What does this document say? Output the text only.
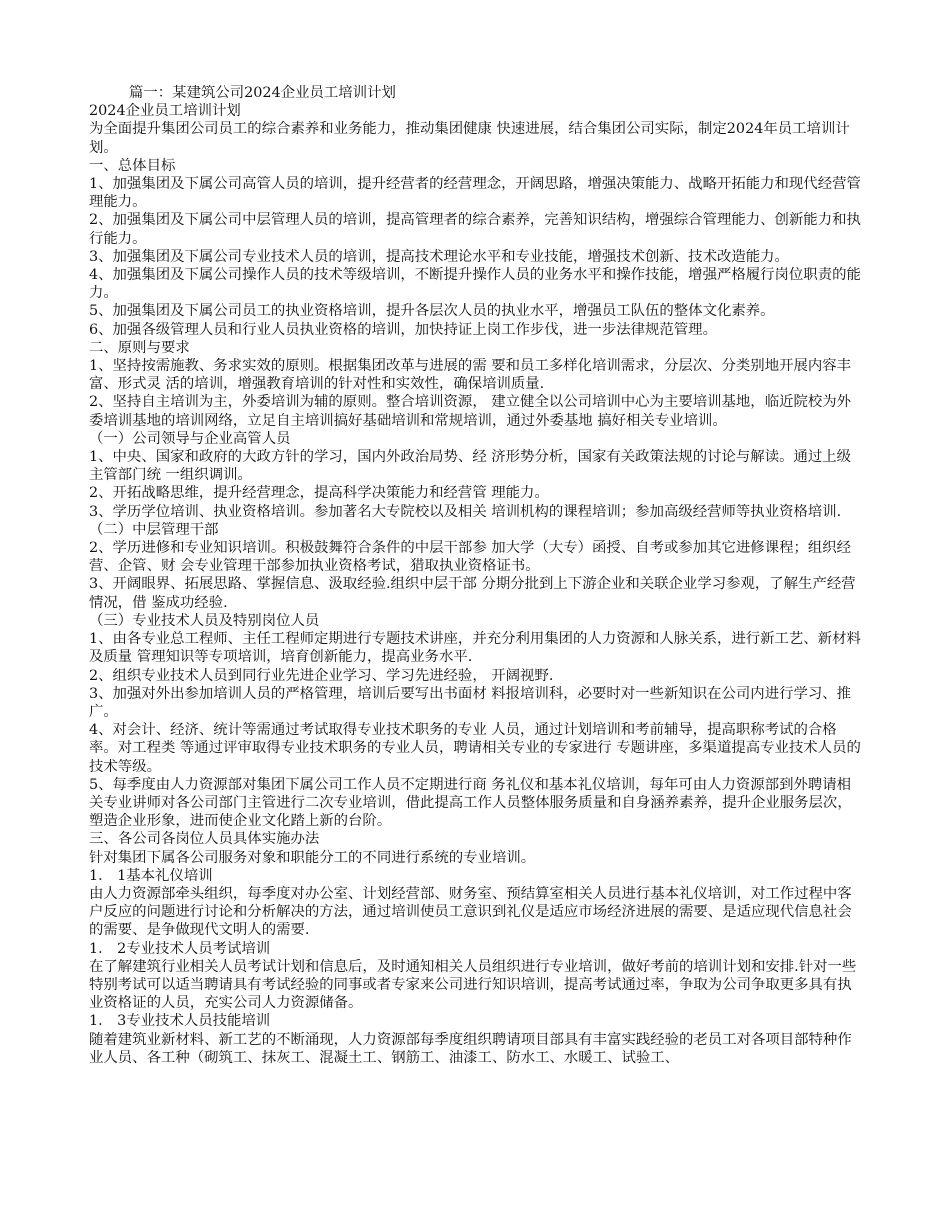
篇一：某建筑公司2024企业员工培训计划
2024企业员工培训计划
为全面提升集团公司员工的综合素养和业务能力，推动集团健康 快速进展，结合集团公司实际，制定2024年员工培训计划。
一、总体目标
1、加强集团及下属公司高管人员的培训，提升经营者的经营理念，开阔思路，增强决策能力、战略开拓能力和现代经营管理能力。
2、加强集团及下属公司中层管理人员的培训，提高管理者的综合素养，完善知识结构，增强综合管理能力、创新能力和执行能力。
3、加强集团及下属公司专业技术人员的培训，提高技术理论水平和专业技能，增强技术创新、技术改造能力。
4、加强集团及下属公司操作人员的技术等级培训，不断提升操作人员的业务水平和操作技能，增强严格履行岗位职责的能力。
5、加强集团及下属公司员工的执业资格培训，提升各层次人员的执业水平，增强员工队伍的整体文化素养。
6、加强各级管理人员和行业人员执业资格的培训，加快持证上岗工作步伐，进一步法律规范管理。
二、原则与要求
1、坚持按需施教、务求实效的原则。根据集团改革与进展的需 要和员工多样化培训需求，分层次、分类别地开展内容丰富、形式灵 活的培训，增强教育培训的针对性和实效性，确保培训质量.
2、坚持自主培训为主，外委培训为辅的原则。整合培训资源， 建立健全以公司培训中心为主要培训基地，临近院校为外委培训基地的培训网络，立足自主培训搞好基础培训和常规培训，通过外委基地 搞好相关专业培训。
（一）公司领导与企业高管人员
1、中央、国家和政府的大政方针的学习，国内外政治局势、经 济形势分析，国家有关政策法规的讨论与解读。通过上级主管部门统 一组织调训。
2、开拓战略思维，提升经营理念，提高科学决策能力和经营管 理能力。
3、学历学位培训、执业资格培训。参加著名大专院校以及相关 培训机构的课程培训；参加高级经营师等执业资格培训.
（二）中层管理干部
2、学历进修和专业知识培训。积极鼓舞符合条件的中层干部参 加大学（大专）函授、自考或参加其它进修课程；组织经营、企管、财 会专业管理干部参加执业资格考试，猎取执业资格证书。
3、开阔眼界、拓展思路、掌握信息、汲取经验.组织中层干部 分期分批到上下游企业和关联企业学习参观，了解生产经营情况，借 鉴成功经验.
（三）专业技术人员及特别岗位人员
1、由各专业总工程师、主任工程师定期进行专题技术讲座，并充分利用集团的人力资源和人脉关系，进行新工艺、新材料及质量 管理知识等专项培训，培育创新能力，提高业务水平.
2、组织专业技术人员到同行业先进企业学习、学习先进经验， 开阔视野.
3、加强对外出参加培训人员的严格管理，培训后要写出书面材 料报培训科，必要时对一些新知识在公司内进行学习、推广。
4、对会计、经济、统计等需通过考试取得专业技术职务的专业 人员，通过计划培训和考前辅导，提高职称考试的合格率。对工程类 等通过评审取得专业技术职务的专业人员，聘请相关专业的专家进行 专题讲座，多渠道提高专业技术人员的技术等级。
5、每季度由人力资源部对集团下属公司工作人员不定期进行商 务礼仪和基本礼仪培训，每年可由人力资源部到外聘请相关专业讲师对各公司部门主管进行二次专业培训，借此提高工作人员整体服务质量和自身涵养素养，提升企业服务层次，塑造企业形象，进而使企业文化踏上新的台阶。
三、各公司各岗位人员具体实施办法
针对集团下属各公司服务对象和职能分工的不同进行系统的专业培训。
1． 1基本礼仪培训
由人力资源部牵头组织，每季度对办公室、计划经营部、财务室、预结算室相关人员进行基本礼仪培训，对工作过程中客户反应的问题进行讨论和分析解决的方法，通过培训使员工意识到礼仪是适应市场经济进展的需要、是适应现代信息社会的需要、是争做现代文明人的需要.
1． 2专业技术人员考试培训
在了解建筑行业相关人员考试计划和信息后，及时通知相关人员组织进行专业培训，做好考前的培训计划和安排.针对一些特别考试可以适当聘请具有考试经验的同事或者专家来公司进行知识培训，提高考试通过率，争取为公司争取更多具有执业资格证的人员，充实公司人力资源储备。
1． 3专业技术人员技能培训
随着建筑业新材料、新工艺的不断涌现，人力资源部每季度组织聘请项目部具有丰富实践经验的老员工对各项目部特种作业人员、各工种（砌筑工、抹灰工、混凝土工、钢筋工、油漆工、防水工、水暖工、试验工、
